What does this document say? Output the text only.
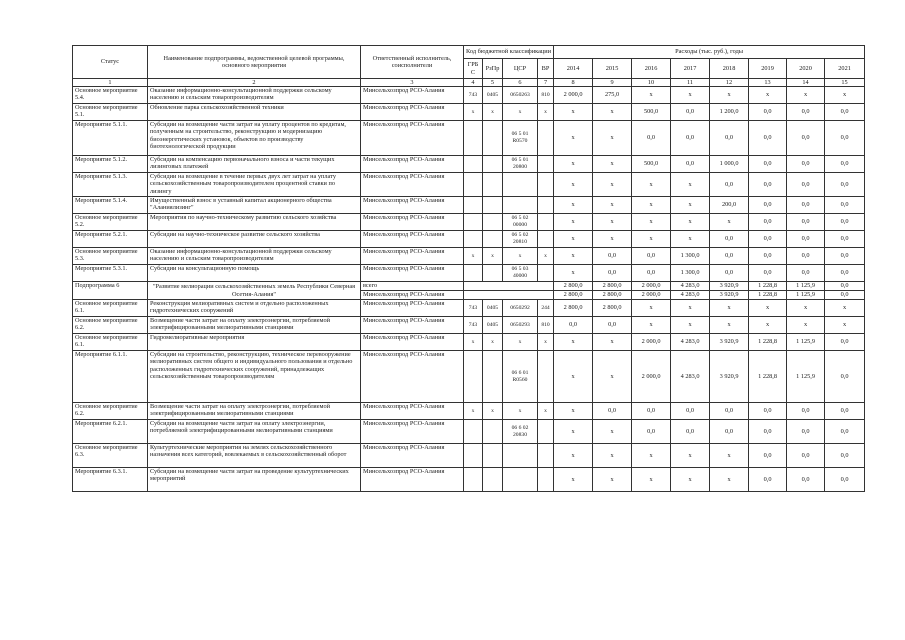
Статус	Наименование подпрограммы, ведомственной целевой программы, основного мероприятия	Ответственный исполнитель, соисполнители	Код бюджетной классификации				Расходы (тыс. руб.), годы							
			ГРБС	РзПр	ЦСР	ВР	2014	2015	2016	2017	2018	2019	2020	2021
1	2	3	4	5	6	7	8	9	10	11	12	13	14	15
Основное мероприятие 5.4.	Оказание информационно-консультационной поддержки сельскому населению и сельским товаропроизводителям	Минсельхозпрод РСО-Алания	743	0405	0650263	810	2 000,0	275,0	x	x	x	x	x	x
Основное мероприятие 5.1.	Обновление парка сельскохозяйственной техники	Минсельхозпрод РСО-Алания	x	x	x	x	x	x	500,0	0,0	1 200,0	0,0	0,0	0,0
Мероприятие 5.1.1.	Субсидии на возмещение части затрат на уплату процентов по кредитам, полученным на строительство, реконструкцию и модернизацию биоэнергетических установок, объектов по производству биотехнологической продукции	Минсельхозпрод РСО-Алания			06 5 01 R0570		x	x	0,0	0,0	0,0	0,0	0,0	0,0
Мероприятие 5.1.2.	Субсидии на компенсацию первоначального взноса и части текущих лизинговых платежей	Минсельхозпрод РСО-Алания			06 5 01 20800		x	x	500,0	0,0	1 000,0	0,0	0,0	0,0
Мероприятие 5.1.3.	Субсидии на возмещение в течение первых двух лет затрат на уплату сельскохозяйственным товаропроизводителем процентной ставки по лизингу	Минсельхозпрод РСО-Алания					x	x	x	x	0,0	0,0	0,0	0,0
Мероприятие 5.1.4.	Имущественный взнос в уставный капитал акционерного общества "Аланиялизинг"	Минсельхозпрод РСО-Алания					x	x	x	x	200,0	0,0	0,0	0,0
Основное мероприятие 5.2.	Мероприятия по научно-техническому развитию сельского хозяйства	Минсельхозпрод РСО-Алания			06 5 02 00000		x	x	x	x	x	0,0	0,0	0,0
Мероприятие 5.2.1.	Субсидии на научно-техническое развитие сельского хозяйства	Минсельхозпрод РСО-Алания			06 5 02 20810		x	x	x	x	0,0	0,0	0,0	0,0
Основное мероприятие 5.3.	Оказание информационно-консультационной поддержки сельскому населению и сельским товаропроизводителям	Минсельхозпрод РСО-Алания	x	x	x	x	x	0,0	0,0	1 300,0	0,0	0,0	0,0	0,0
Мероприятие 5.3.1.	Субсидии на консультационную помощь	Минсельхозпрод РСО-Алания			06 5 03 40000		x	0,0	0,0	1 300,0	0,0	0,0	0,0	0,0
Подпрограмма 6	"Развитие мелиорации сельскохозяйственных земель Республики Северная Осетия-Алания"	всего					2 800,0	2 800,0	2 000,0	4 283,0	3 920,9	1 228,8	1 125,9	0,0
		Минсельхозпрод РСО-Алания					2 800,0	2 800,0	2 000,0	4 283,0	3 920,9	1 228,8	1 125,9	0,0
Основное мероприятие 6.1.	Реконструкция мелиоративных систем и отдельно расположенных гидротехнических сооружений	Минсельхозпрод РСО-Алания	743	0405	0650292	244	2 800,0	2 800,0	x	x	x	x	x	x
Основное мероприятие 6.2.	Возмещение части затрат на оплату электроэнергии, потребляемой электрифицированными мелиоративными станциями	Минсельхозпрод РСО-Алания	743	0405	0650293	810	0,0	0,0	x	x	x	x	x	x
Основное мероприятие 6.1.	Гидромелиоративные мероприятия	Минсельхозпрод РСО-Алания	x	x	x	x	x	x	2 000,0	4 283,0	3 920,9	1 228,8	1 125,9	0,0
Мероприятие 6.1.1.	Субсидии на строительство, реконструкцию, техническое перевооружение мелиоративных систем общего и индивидуального пользования и отдельно расположенных гидротехнических сооружений, принадлежащих сельскохозяйственным товаропроизводителям	Минсельхозпрод РСО-Алания			06 6 01 R0560		x	x	2 000,0	4 283,0	3 920,9	1 228,8	1 125,9	0,0
Основное мероприятие 6.2.	Возмещение части затрат на оплату электроэнергии, потребляемой электрифицированными мелиоративными станциями	Минсельхозпрод РСО-Алания	x	x	x	x	x	0,0	0,0	0,0	0,0	0,0	0,0	0,0
Мероприятие 6.2.1.	Субсидии на возмещение части затрат на оплату электроэнергии, потребляемой электрифицированными мелиоративными станциями	Минсельхозпрод РСО-Алания			06 6 02 20830		x	x	0,0	0,0	0,0	0,0	0,0	0,0
Основное мероприятие 6.3.	Культуртехнические мероприятия на землях сельскохозяйственного назначения всех категорий, вовлекаемых в сельскохозяйственный оборот	Минсельхозпрод РСО-Алания					x	x	x	x	x	0,0	0,0	0,0
Мероприятие 6.3.1.	Субсидии на возмещение части затрат на проведение культуртехнических мероприятий	Минсельхозпрод РСО-Алания					x	x	x	x	x	0,0	0,0	0,0
